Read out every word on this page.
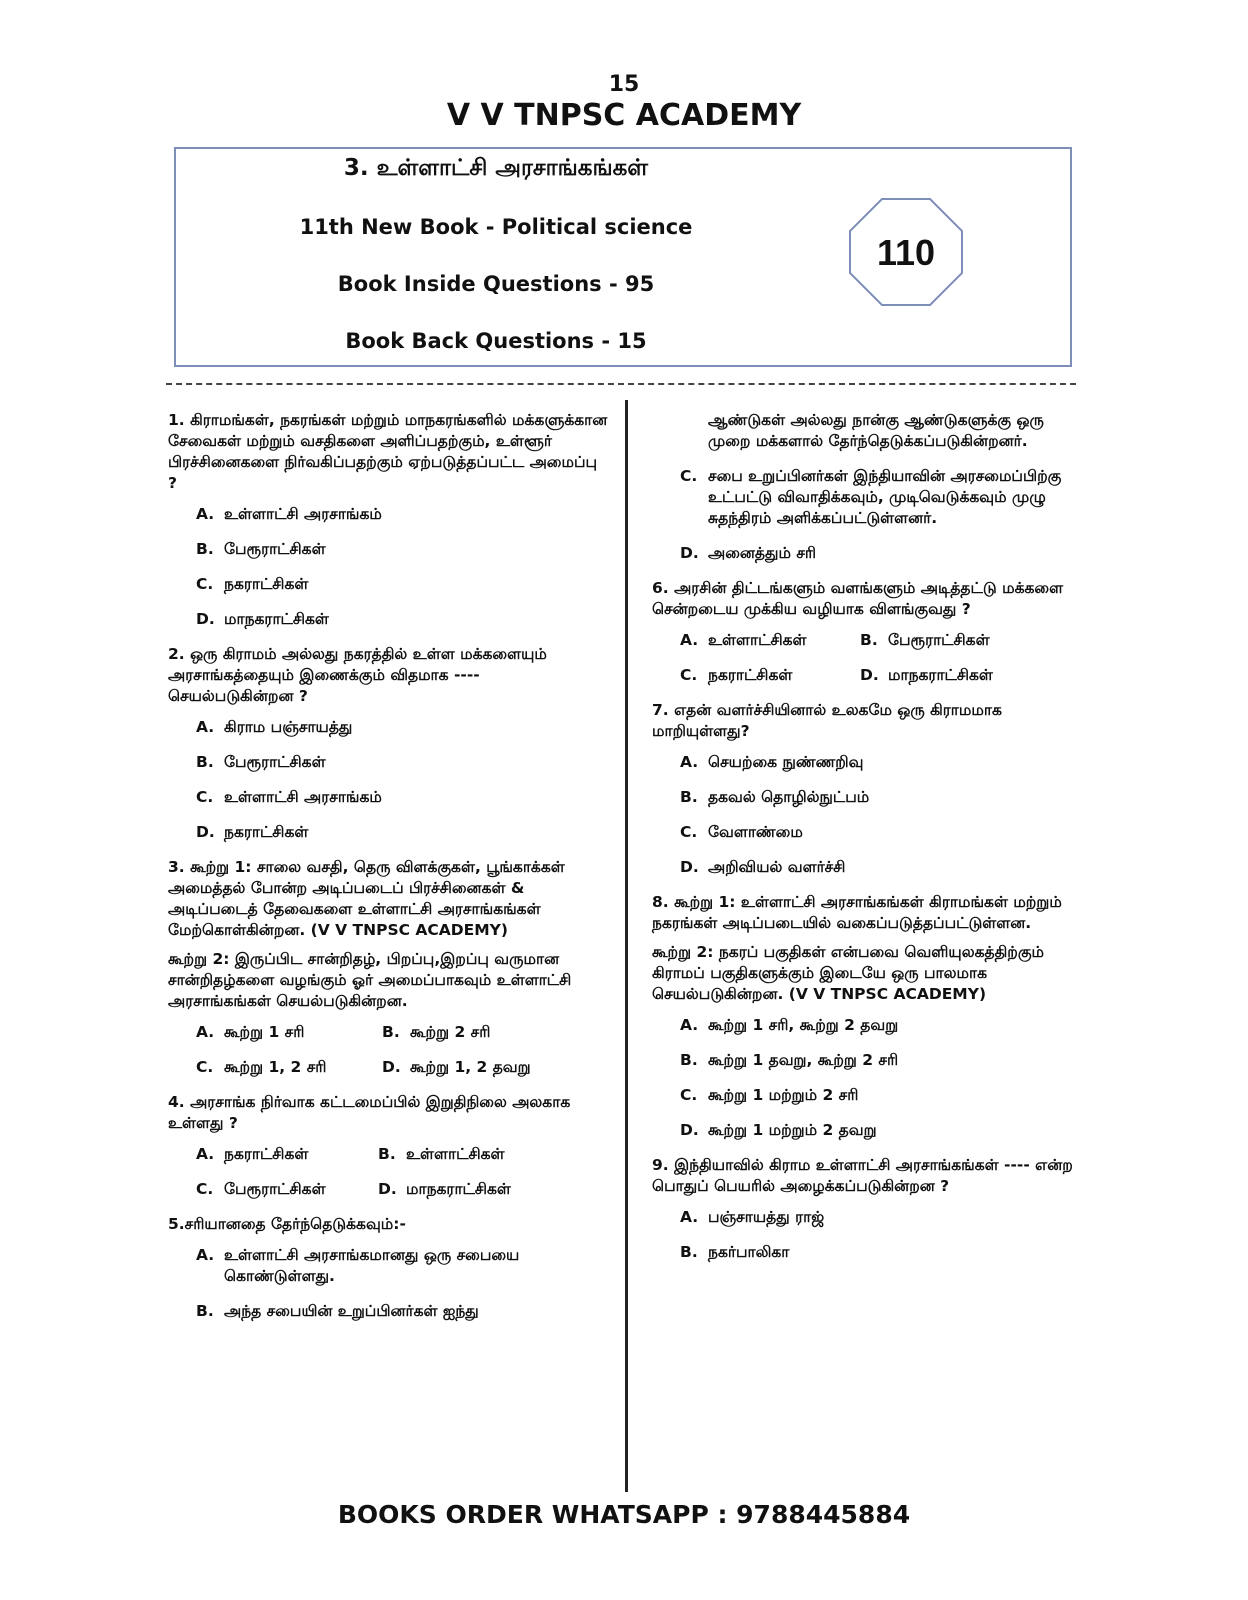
15
V V TNPSC ACADEMY
3. உள்ளாட்சி அரசாங்கங்கள்
11th New Book - Political science
Book Inside Questions - 95
Book Back Questions - 15
110
1. கிராமங்கள், நகரங்கள் மற்றும் மாநகரங்களில் மக்களுக்கான சேவைகள் மற்றும் வசதிகளை அளிப்பதற்கும், உள்ளூர் பிரச்சினைகளை நிர்வகிப்பதற்கும் ஏற்படுத்தப்பட்ட அமைப்பு ?
A. உள்ளாட்சி அரசாங்கம்
B. பேரூராட்சிகள்
C. நகராட்சிகள்
D. மாநகராட்சிகள்
2. ஒரு கிராமம் அல்லது நகரத்தில் உள்ள மக்களையும் அரசாங்கத்தையும் இணைக்கும் விதமாக ---- செயல்படுகின்றன ?
A. கிராம பஞ்சாயத்து
B. பேரூராட்சிகள்
C. உள்ளாட்சி அரசாங்கம்
D. நகராட்சிகள்
3. கூற்று 1: சாலை வசதி, தெரு விளக்குகள், பூங்காக்கள் அமைத்தல் போன்ற அடிப்படைப் பிரச்சினைகள் & அடிப்படைத் தேவைகளை உள்ளாட்சி அரசாங்கங்கள் மேற்கொள்கின்றன. (V V TNPSC ACADEMY)
கூற்று 2: இருப்பிட சான்றிதழ், பிறப்பு,இறப்பு வருமான சான்றிதழ்களை வழங்கும் ஓர் அமைப்பாகவும் உள்ளாட்சி அரசாங்கங்கள் செயல்படுகின்றன.
A. கூற்று 1 சரி	B. கூற்று 2 சரி
C. கூற்று 1, 2 சரி	D. கூற்று 1, 2 தவறு
4. அரசாங்க நிர்வாக கட்டமைப்பில் இறுதிநிலை அலகாக உள்ளது ?
A. நகராட்சிகள்	B. உள்ளாட்சிகள்
C. பேரூராட்சிகள்	D. மாநகராட்சிகள்
5.சரியானதை தேர்ந்தெடுக்கவும்:-
A. உள்ளாட்சி அரசாங்கமானது ஒரு சபையை கொண்டுள்ளது.
B. அந்த சபையின் உறுப்பினர்கள் ஐந்து
ஆண்டுகள் அல்லது நான்கு ஆண்டுகளுக்கு ஒரு முறை மக்களால் தேர்ந்தெடுக்கப்படுகின்றனர்.
C. சபை உறுப்பினர்கள் இந்தியாவின் அரசமைப்பிற்கு உட்பட்டு விவாதிக்கவும், முடிவெடுக்கவும் முழு சுதந்திரம் அளிக்கப்பட்டுள்ளனர்.
D. அனைத்தும் சரி
6. அரசின் திட்டங்களும் வளங்களும் அடித்தட்டு மக்களை சென்றடைய முக்கிய வழியாக விளங்குவது ?
A. உள்ளாட்சிகள்	B. பேரூராட்சிகள்
C. நகராட்சிகள்	D. மாநகராட்சிகள்
7. எதன் வளர்ச்சியினால் உலகமே ஒரு கிராமமாக மாறியுள்ளது?
A. செயற்கை நுண்ணறிவு
B. தகவல் தொழில்நுட்பம்
C. வேளாண்மை
D. அறிவியல் வளர்ச்சி
8. கூற்று 1: உள்ளாட்சி அரசாங்கங்கள் கிராமங்கள் மற்றும் நகரங்கள் அடிப்படையில் வகைப்படுத்தப்பட்டுள்ளன.
கூற்று 2: நகரப் பகுதிகள் என்பவை வெளியுலகத்திற்கும் கிராமப் பகுதிகளுக்கும் இடையே ஒரு பாலமாக செயல்படுகின்றன. (V V TNPSC ACADEMY)
A. கூற்று 1 சரி, கூற்று 2 தவறு
B. கூற்று 1 தவறு, கூற்று 2 சரி
C. கூற்று 1 மற்றும் 2 சரி
D. கூற்று 1 மற்றும் 2 தவறு
9. இந்தியாவில் கிராம உள்ளாட்சி அரசாங்கங்கள் ---- என்ற பொதுப் பெயரில் அழைக்கப்படுகின்றன ?
A. பஞ்சாயத்து ராஜ்
B. நகர்பாலிகா
BOOKS ORDER WHATSAPP : 9788445884
